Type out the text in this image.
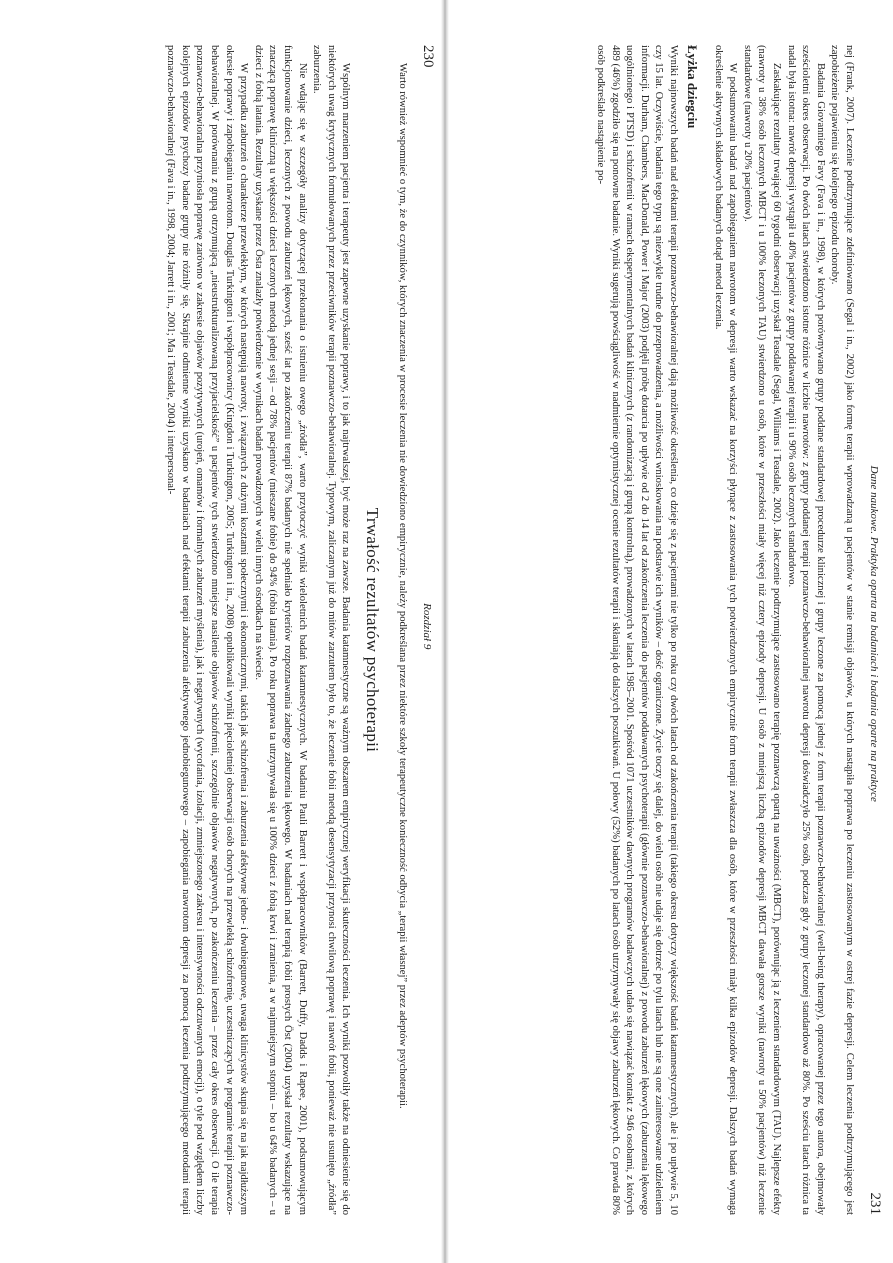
230
Rozdział 9

Warto również wspomnieć o tym, że do czynników, których znaczenia w procesie leczenia nie dowiedziono empirycznie, należy podkreślana przez niektóre szkoły terapeutyczne konieczność odbycia „terapii własnej” przez adeptów psychoterapii.

Trwałość rezultatów psychoterapii

Wspólnym marzeniem pacjenta i terapeuty jest zapewne uzyskanie poprawy, i to jak najtrwalszej, być może raz na zawsze. Badania katamnestyczne są ważnym obszarem empirycznej weryfikacji skuteczności leczenia. Ich wyniki pozwoliły także na odniesienie się do niektórych uwag krytycznych formułowanych przez przeciwników terapii poznawczo-behawioralnej. Typowym, zaliczanym już do mitów zarzutem było to, że leczenie fobii metodą desensytyzacji przynosi chwilową poprawę i nawrót fobii, ponieważ nie usunięto „źródła” zaburzenia.

Nie wdając się w szczegóły analizy dotyczącej przekonania o istnieniu owego „źródła”, warto przytoczyć wyniki wieloletnich badań katamnestycznych. W badaniu Pauli Barrett i współpracowników (Barrett, Duffy, Dadds i Rapee, 2001), podsumowującym funkcjonowanie dzieci, leczonych z powodu zaburzeń lękowych, sześć lat po zakończeniu terapii 87% badanych nie spełniało kryteriów rozpoznawania żadnego zaburzenia lękowego. W badaniach nad terapią fobii prostych Öst (2004) uzyskał rezultaty wskazujące na znaczącą poprawę kliniczną u większości dzieci leczonych metodą jednej sesji – od 78% pacjentów (mieszane fobie) do 94% (fobia latania). Po roku poprawa ta utrzymywała się u 100% dzieci z fobią krwi i zranienia, a w najmniejszym stopniu – bo u 64% badanych – u dzieci z fobią latania. Rezultaty uzyskane przez Östa znalazły potwierdzenie w wynikach badań prowadzonych w wielu innych ośrodkach na świecie.

W przypadku zaburzeń o charakterze przewlekłym, w których następują nawroty, i związanych z dużymi kosztami społecznymi i ekonomicznymi, takich jak schizofrenia i zaburzenia afektywne jedno- i dwubiegunowe, uwaga klinicystów skupia się na jak najdłuższym okresie poprawy i zapobieganiu nawrotom. Douglas Turkington i współpracownicy (Kingdon i Turkington, 2005; Turkington i in., 2008) opublikowali wyniki pięcioletniej obserwacji osób chorych na przewlekłą schizofrenię, uczestniczących w programie terapii poznawczo-behawioralnej. W porównaniu z grupą otrzymującą „nieustrukturalizowaną przyjacielskość” u pacjentów tych stwierdzono mniejsze nasilenie objawów schizofrenii, szczególnie objawów negatywnych, po zakończeniu leczenia – przez cały okres obserwacji. O ile terapia poznawczo-behawioralna przyniosła poprawę zarówno w zakresie objawów pozytywnych (urojeń, omamów i formalnych zaburzeń myślenia), jak i negatywnych (wycofania, izolacji, zmniejszonego zakresu i intensywności odczuwanych emocji), o tyle pod względem liczby kolejnych epizodów psychozy badane grupy nie różniły się. Skrajnie odmienne wyniki uzyskano w badaniach nad efektami terapii zaburzenia afektywnego jednobiegunowego – zapobiegania nawrotom depresji za pomocą leczenia podtrzymującego metodami terapii poznawczo-behawioralnej (Fava i in., 1998, 2004; Jarrett i in., 2001; Ma i Teasdale, 2004) i interpersonal-

Dane naukowe. Praktyka oparta na badaniach i badania oparte na praktyce
231

nej (Frank, 2007). Leczenie podtrzymujące zdefiniowano (Segal i in., 2002) jako formę terapii wprowadzaną u pacjentów w stanie remisji objawów, u których nastąpiła poprawa po leczeniu zastosowanym w ostrej fazie depresji. Celem leczenia podtrzymującego jest zapobieżenie pojawieniu się kolejnego epizodu choroby.

Badania Giovanniego Favy (Fava i in., 1998), w których porównywano grupy poddane standardowej procedurze klinicznej i grupy leczone za pomocą jednej z form terapii poznawczo-behawioralnej (well-being therapy), opracowanej przez tego autora, obejmowały sześcioletni okres obserwacji. Po dwóch latach stwierdzono istotne różnice w liczbie nawrotów: z grupy poddanej terapii poznawczo-behawioralnej nawrotu depresji doświadczyło 25% osób, podczas gdy z grupy leczonej standardowo aż 80%. Po sześciu latach różnica ta nadal była istotna: nawrót depresji wystąpił u 40% pacjentów z grupy poddawanej terapii i u 90% osób leczonych standardowo.

Zaskakujące rezultaty trwającej 60 tygodni obserwacji uzyskał Teasdale (Segal, Williams i Teasdale, 2002). Jako leczenie podtrzymujące zastosowano terapię poznawczą opartą na uważności (MBCT), porównując ją z leczeniem standardowym (TAU). Najlepsze efekty (nawroty u 38% osób leczonych MBCT i u 100% leczonych TAU) stwierdzono u osób, które w przeszłości miały więcej niż cztery epizody depresji. U osób z mniejszą liczbą epizodów depresji MBCT dawała gorsze wyniki (nawroty u 50% pacjentów) niż leczenie standardowe (nawroty u 20% pacjentów).

W podsumowaniu badań nad zapobieganiem nawrotom w depresji warto wskazać na korzyści płynące z zastosowania tych potwierdzonych empirycznie form terapii zwłaszcza dla osób, które w przeszłości miały kilka epizodów depresji. Dalszych badań wymaga określenie aktywnych składowych badanych dotąd metod leczenia.

Łyżka dziegciu

Wyniki najnowszych badań nad efektami terapii poznawczo-behawioralnej dają możliwość określenia, co dzieje się z pacjentami nie tylko po roku czy dwóch latach od zakończenia terapii (takiego okresu dotyczy większość badań katamnestycznych), ale i po upływie 5, 10 czy 15 lat. Oczywiście, badania tego typu są niezwykle trudne do przeprowadzenia, a możliwości wnioskowania na podstawie ich wyników – dość ograniczone. Życie toczy się dalej, do wielu osób nie udaje się dotrzeć po tylu latach lub nie są one zainteresowane udzieleniem informacji. Durham, Chambers, MacDonald, Power i Major (2003) podjęli próbę dotarcia po upływie od 2 do 14 lat od zakończenia leczenia do pacjentów poddawanych psychoterapii (głównie poznawczo-behawioralnej) z powodu zaburzeń lękowych (zaburzenia lękowego uogólnionego i PTSD) i schizofrenii w ramach eksperymentalnych badań klinicznych (z randomizacją i grupą kontrolną), prowadzonych w latach 1985–2001. Spośród 1071 uczestników dawnych programów badawczych udało się nawiązać kontakt z 946 osobami, z których 489 (46%) zgodziło się na ponowne badanie. Wyniki sugerują powściągliwość w nadmiernie optymistycznej ocenie rezultatów terapii i skłaniają do dalszych poszukiwań. U połowy (52%) badanych po latach osób utrzymywały się objawy zaburzeń lękowych. Co prawda 80% osób podkreślało nastąpienie po-
